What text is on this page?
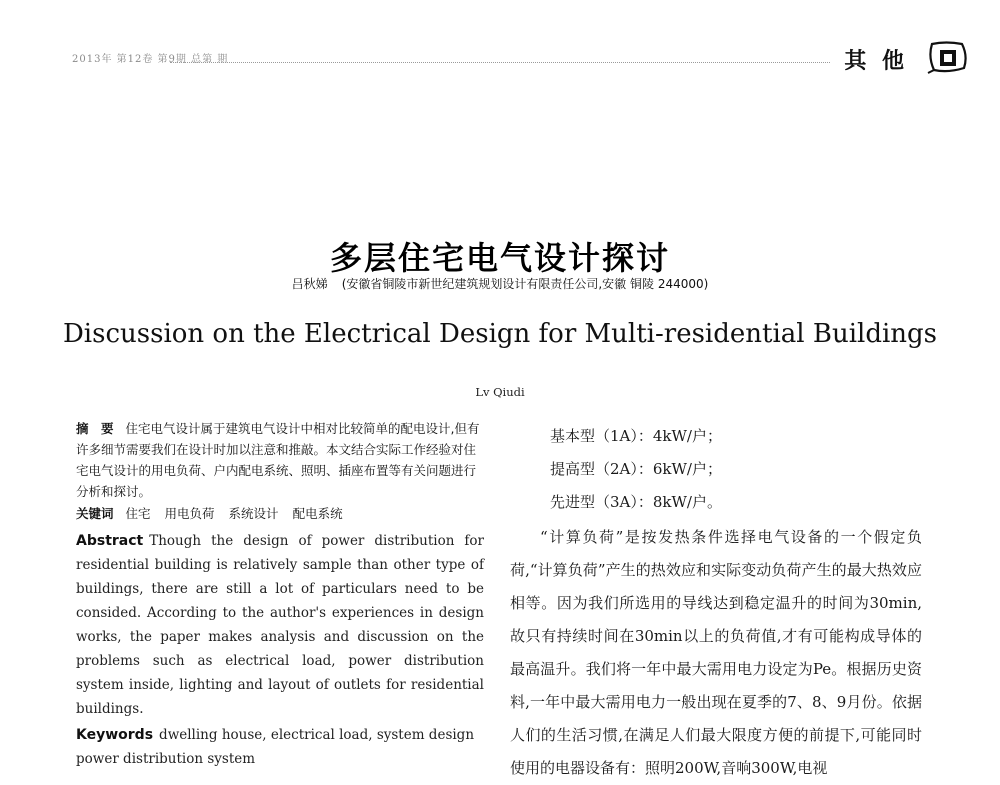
2013年 第12卷 第9期 总第 期	其 他
多层住宅电气设计探讨
吕秋娣 (安徽省铜陵市新世纪建筑规划设计有限责任公司,安徽 铜陵 244000)
Discussion on the Electrical Design for Multi-residential Buildings
Lv Qiudi

摘　要 住宅电气设计属于建筑电气设计中相对比较简单的配电设计,但有许多细节需要我们在设计时加以注意和推敲。本文结合实际工作经验对住宅电气设计的用电负荷、户内配电系统、照明、插座布置等有关问题进行分析和探讨。

关键词 住宅 用电负荷 系统设计 配电系统

Abstract Though the design of power distribution for residential building is relatively sample than other type of buildings, there are still a lot of particulars need to be consided. According to the author's experiences in design works, the paper makes analysis and discussion on the problems such as electrical load, power distribution system inside, lighting and layout of outlets for residential buildings.

Keywords dwelling house, electrical load, system design power distribution system

基本型（1A）：4kW/户；
提高型（2A）：6kW/户；
先进型（3A）：8kW/户。

“计算负荷”是按发热条件选择电气设备的一个假定负荷,“计算负荷”产生的热效应和实际变动负荷产生的最大热效应相等。因为我们所选用的导线达到稳定温升的时间为30min,故只有持续时间在30min以上的负荷值,才有可能构成导体的最高温升。我们将一年中最大需用电力设定为Pe。根据历史资料,一年中最大需用电力一般出现在夏季的7、8、9月份。依据人们的生活习惯,在满足人们最大限度方便的前提下,可能同时使用的电器设备有：照明200W,音响300W,电视
